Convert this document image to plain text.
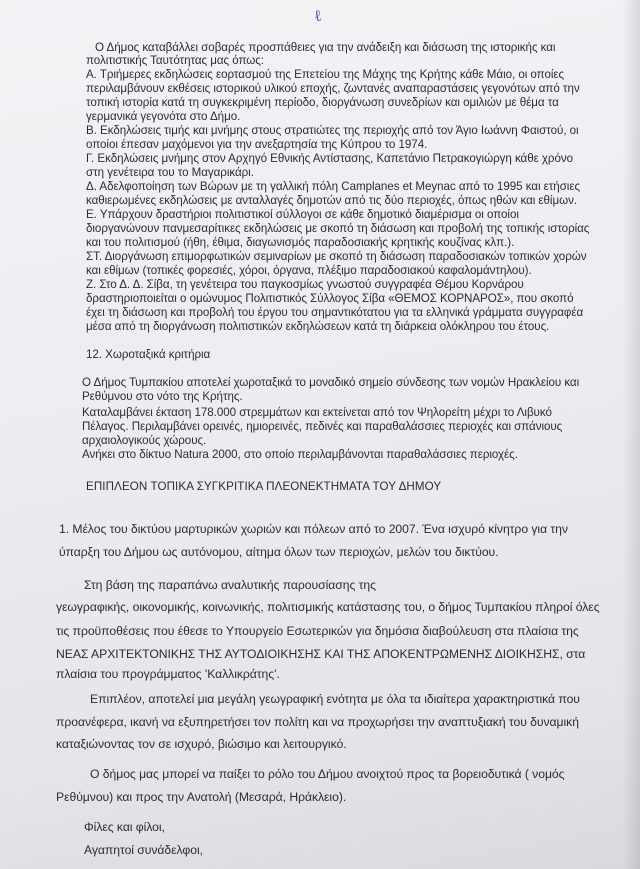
ℓ
Ο Δήμος καταβάλλει σοβαρές προσπάθειες για την ανάδειξη και διάσωση της ιστορικής και
πολιτιστικής Ταυτότητας μας όπως:
Α. Τριήμερες εκδηλώσεις εορτασμού της Επετείου της Μάχης της Κρήτης κάθε Μάιο, οι οποίες
περιλαμβάνουν εκθέσεις ιστορικού υλικού εποχής, ζωντανές αναπαραστάσεις γεγονότων από την
τοπική ιστορία κατά τη συγκεκριμένη περίοδο, διοργάνωση συνεδρίων και ομιλιών με θέμα τα
γερμανικά γεγονότα στο Δήμο.
Β. Εκδηλώσεις τιμής και μνήμης στους στρατιώτες της περιοχής από τον Άγιο Ιωάννη Φαιστού, οι
οποίοι έπεσαν μαχόμενοι για την ανεξαρτησία της Κύπρου το 1974.
Γ. Εκδηλώσεις μνήμης στον Αρχηγό Εθνικής Αντίστασης, Καπετάνιο Πετρακογιώργη κάθε χρόνο
στη γενέτειρα του το Μαγαρικάρι.
Δ. Αδελφοποίηση των Βώρων με τη γαλλική πόλη Camplanes et Meynac από το 1995 και ετήσιες
καθιερωμένες εκδηλώσεις με ανταλλαγές δημοτών από τις δύο περιοχές, όπως ηθών και εθίμων.
Ε. Υπάρχουν δραστήριοι πολιτιστικοί σύλλογοι σε κάθε δημοτικό διαμέρισμα οι οποίοι
διοργανώνουν πανμεσαρίτικες εκδηλώσεις με σκοπό τη διάσωση και προβολή της τοπικής ιστορίας
και του πολιτισμού (ήθη, έθιμα, διαγωνισμός παραδοσιακής κρητικής κουζίνας κλπ.).
ΣΤ. Διοργάνωση επιμορφωτικών σεμιναρίων με σκοπό τη διάσωση παραδοσιακών τοπικών χορών
και εθίμων (τοπικές φορεσιές, χόροι, όργανα, πλέξιμο παραδοσιακού καφαλομάντηλου).
Ζ. Στο Δ. Δ. Σίβα, τη γενέτειρα του παγκοσμίως γνωστού συγγραφέα Θέμου Κορνάρου
δραστηριοποιείται ο ομώνυμος Πολιτιστικός Σύλλογος Σίβα «ΘΕΜΟΣ ΚΟΡΝΑΡΟΣ», που σκοπό
έχει τη διάσωση και προβολή του έργου του σημαντικότατου για τα ελληνικά γράμματα συγγραφέα
μέσα από τη διοργάνωση πολιτιστικών εκδηλώσεων κατά τη διάρκεια ολόκληρου του έτους.
12. Χωροταξικά κριτήρια
Ο Δήμος Τυμπακίου αποτελεί χωροταξικά το μοναδικό σημείο σύνδεσης των νομών Ηρακλείου και
Ρεθύμνου στο νότο της Κρήτης.
Καταλαμβάνει έκταση 178.000 στρεμμάτων και εκτείνεται από τον Ψηλορείτη μέχρι το Λιβυκό
Πέλαγος. Περιλαμβάνει ορεινές, ημιορεινές, πεδινές και παραθαλάσσιες περιοχές και σπάνιους
αρχαιολογικούς χώρους.
Ανήκει στο δίκτυο Natura 2000, στο οποίο περιλαμβάνονται παραθαλάσσιες περιοχές.
ΕΠΙΠΛΕΟΝ ΤΟΠΙΚΑ ΣΥΓΚΡΙΤΙΚΑ ΠΛΕΟΝΕΚΤΗΜΑΤΑ ΤΟΥ ΔΗΜΟΥ
1. Μέλος του δικτύου μαρτυρικών χωριών και πόλεων από το 2007. Ένα ισχυρό κίνητρο για την
ύπαρξη του Δήμου ως αυτόνομου, αίτημα όλων των περιοχών, μελών του δικτύου.
Στη βάση της παραπάνω αναλυτικής παρουσίασης της
γεωγραφικής, οικονομικής, κοινωνικής, πολιτισμικής κατάστασης του, ο δήμος Τυμπακίου πληροί όλες
τις προϋποθέσεις που έθεσε το Υπουργείο Εσωτερικών για δημόσια διαβούλευση στα πλαίσια της
ΝΕΑΣ ΑΡΧΙΤΕΚΤΟΝΙΚΗΣ ΤΗΣ ΑΥΤΟΔΙΟΙΚΗΣΗΣ ΚΑΙ ΤΗΣ ΑΠΟΚΕΝΤΡΩΜΕΝΗΣ ΔΙΟΙΚΗΣΗΣ, στα
πλαίσια του προγράμματος 'Καλλικράτης'.
Επιπλέον, αποτελεί μια μεγάλη γεωγραφική ενότητα με όλα τα ιδιαίτερα χαρακτηριστικά που
προανέφερα, ικανή να εξυπηρετήσει τον πολίτη και να προχωρήσει την αναπτυξιακή του δυναμική
καταξιώνοντας τον σε ισχυρό, βιώσιμο και λειτουργικό.
Ο δήμος μας μπορεί να παίξει το ρόλο του Δήμου ανοιχτού προς τα βορειοδυτικά ( νομός
Ρεθύμνου) και προς την Ανατολή (Μεσαρά, Ηράκλειο).
Φίλες και φίλοι,
Αγαπητοί συνάδελφοι,
